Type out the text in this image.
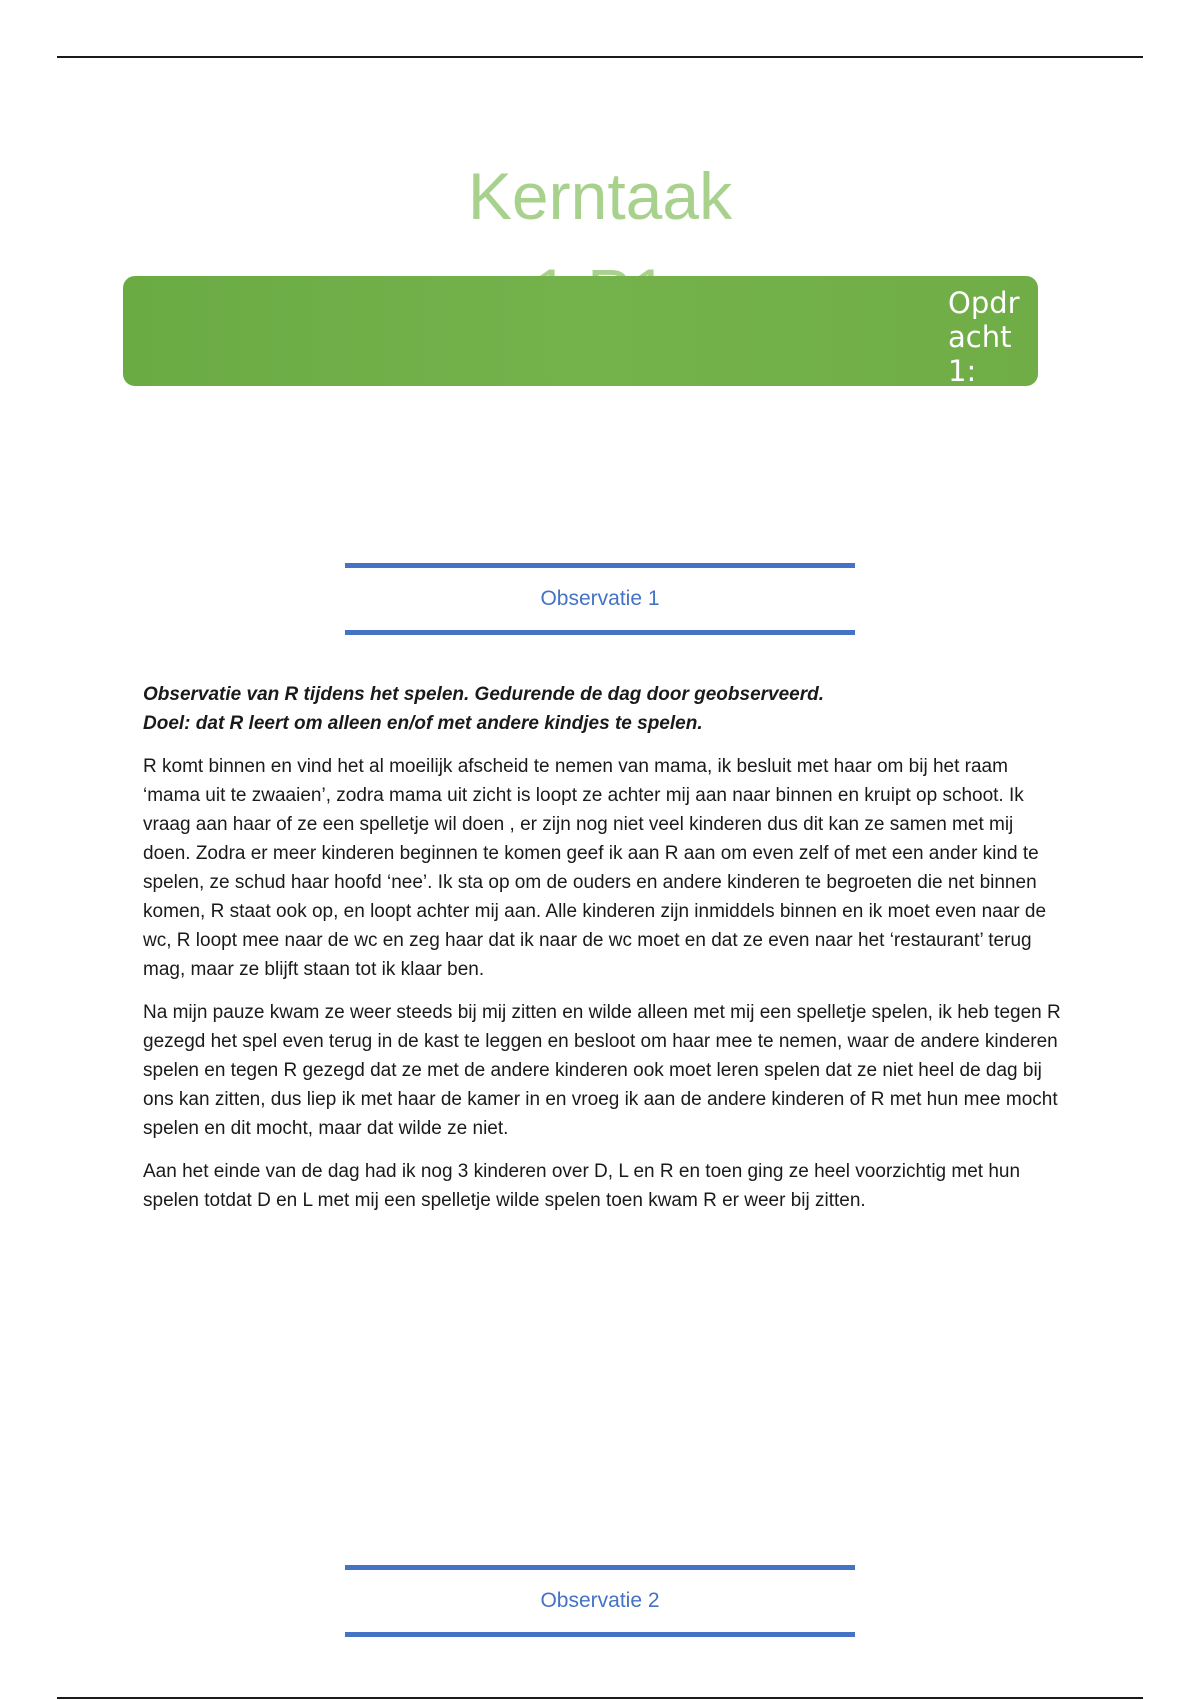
Kerntaak
Opdracht 1:
Observatie 1

Observatie van R tijdens het spelen. Gedurende de dag door geobserveerd.
Doel: dat R leert om alleen en/of met andere kindjes te spelen.

R komt binnen en vind het al moeilijk afscheid te nemen van mama, ik besluit met haar om bij het raam ‘mama uit te zwaaien’, zodra mama uit zicht is loopt ze achter mij aan naar binnen en kruipt op schoot. Ik vraag aan haar of ze een spelletje wil doen , er zijn nog niet veel kinderen dus dit kan ze samen met mij doen. Zodra er meer kinderen beginnen te komen geef ik aan R aan om even zelf of met een ander kind te spelen, ze schud haar hoofd ‘nee’. Ik sta op om de ouders en andere kinderen te begroeten die net binnen komen, R staat ook op, en loopt achter mij aan. Alle kinderen zijn inmiddels binnen en ik moet even naar de wc, R loopt mee naar de wc en zeg haar dat ik naar de wc moet en dat ze even naar het ‘restaurant’ terug mag, maar ze blijft staan tot ik klaar ben.

Na mijn pauze kwam ze weer steeds bij mij zitten en wilde alleen met mij een spelletje spelen, ik heb tegen R gezegd het spel even terug in de kast te leggen en besloot om haar mee te nemen, waar de andere kinderen spelen en tegen R gezegd dat ze met de andere kinderen ook moet leren spelen dat ze niet heel de dag bij ons kan zitten, dus liep ik met haar de kamer in en vroeg ik aan de andere kinderen of R met hun mee mocht spelen en dit mocht, maar dat wilde ze niet.

Aan het einde van de dag had ik nog 3 kinderen over D, L en R en toen ging ze heel voorzichtig met hun spelen totdat D en L met mij een spelletje wilde spelen toen kwam R er weer bij zitten.

Observatie 2
